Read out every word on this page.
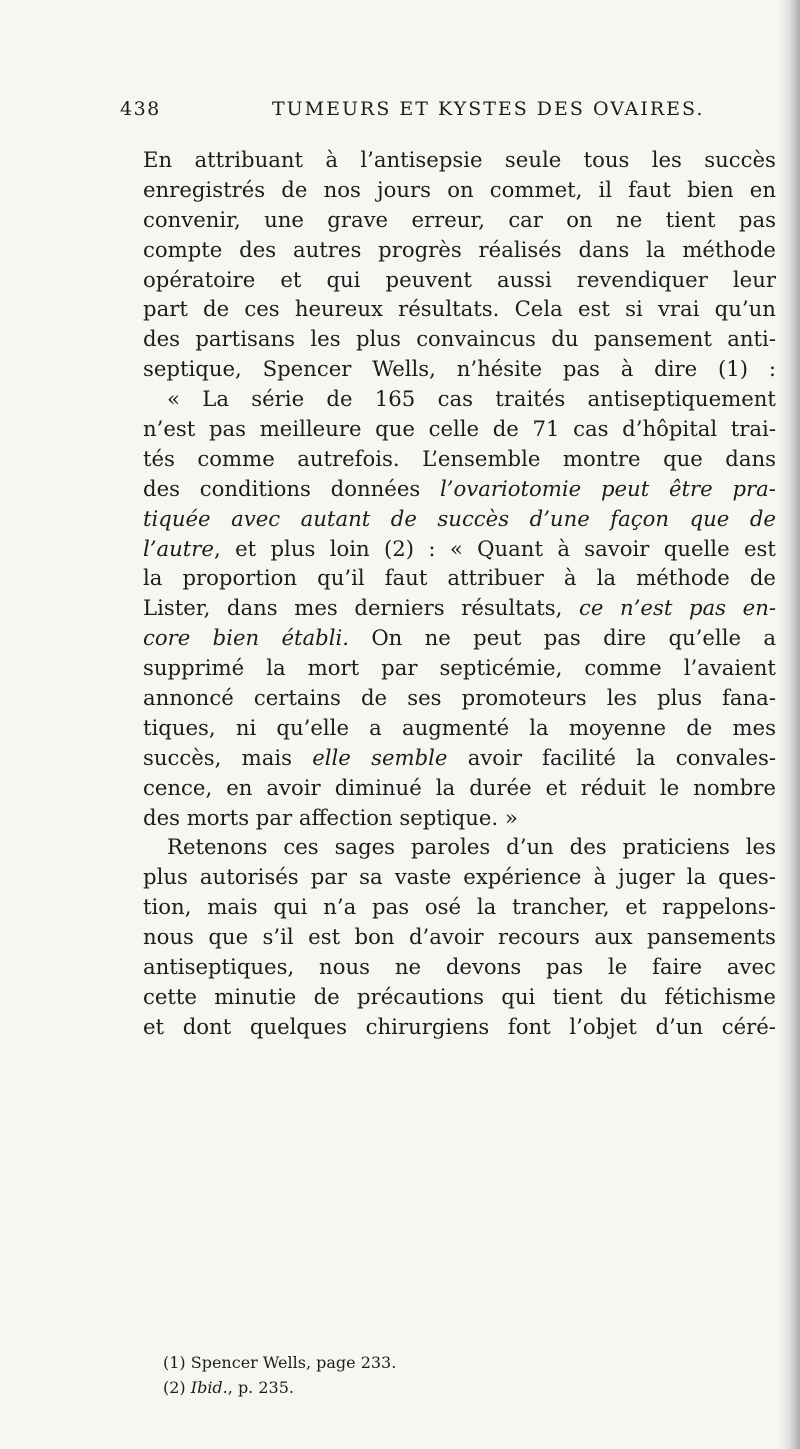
438	TUMEURS ET KYSTES DES OVAIRES.
En attribuant à l’antisepsie seule tous les succès
enregistrés de nos jours on commet, il faut bien en
convenir, une grave erreur, car on ne tient pas
compte des autres progrès réalisés dans la méthode
opératoire et qui peuvent aussi revendiquer leur
part de ces heureux résultats. Cela est si vrai qu’un
des partisans les plus convaincus du pansement anti-
septique, Spencer Wells, n’hésite pas à dire (1) :
« La série de 165 cas traités antiseptiquement
n’est pas meilleure que celle de 71 cas d’hôpital trai-
tés comme autrefois. L’ensemble montre que dans
des conditions données l’ovariotomie peut être pra-
tiquée avec autant de succès d’une façon que de
l’autre, et plus loin (2) : « Quant à savoir quelle est
la proportion qu’il faut attribuer à la méthode de
Lister, dans mes derniers résultats, ce n’est pas en-
core bien établi. On ne peut pas dire qu’elle a
supprimé la mort par septicémie, comme l’avaient
annoncé certains de ses promoteurs les plus fana-
tiques, ni qu’elle a augmenté la moyenne de mes
succès, mais elle semble avoir facilité la convales-
cence, en avoir diminué la durée et réduit le nombre
des morts par affection septique. »
Retenons ces sages paroles d’un des praticiens les
plus autorisés par sa vaste expérience à juger la ques-
tion, mais qui n’a pas osé la trancher, et rappelons-
nous que s’il est bon d’avoir recours aux pansements
antiseptiques, nous ne devons pas le faire avec
cette minutie de précautions qui tient du fétichisme
et dont quelques chirurgiens font l’objet d’un céré-
(1) Spencer Wells, page 233.
(2) Ibid., p. 235.
